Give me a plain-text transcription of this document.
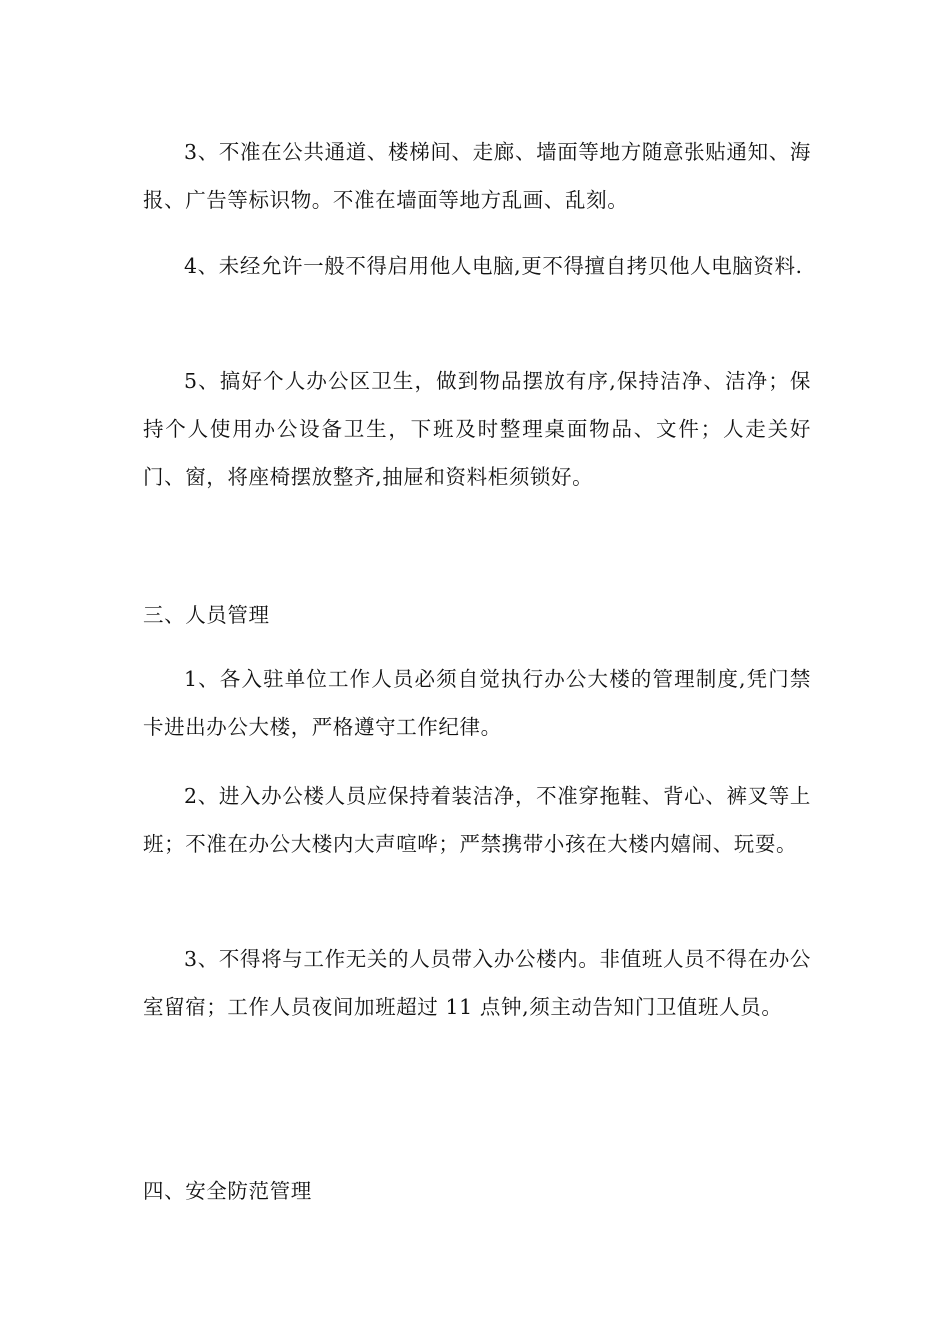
3、不准在公共通道、楼梯间、走廊、墙面等地方随意张贴通知、海报、广告等标识物。不准在墙面等地方乱画、乱刻。

4、未经允许一般不得启用他人电脑,更不得擅自拷贝他人电脑资料.

5、搞好个人办公区卫生，做到物品摆放有序,保持洁净、洁净；保持个人使用办公设备卫生，下班及时整理桌面物品、文件；人走关好门、窗，将座椅摆放整齐,抽屉和资料柜须锁好。

三、人员管理

1、各入驻单位工作人员必须自觉执行办公大楼的管理制度,凭门禁卡进出办公大楼，严格遵守工作纪律。

2、进入办公楼人员应保持着装洁净，不准穿拖鞋、背心、裤叉等上班；不准在办公大楼内大声喧哗；严禁携带小孩在大楼内嬉闹、玩耍。

3、不得将与工作无关的人员带入办公楼内。非值班人员不得在办公室留宿；工作人员夜间加班超过 11 点钟,须主动告知门卫值班人员。

四、安全防范管理
